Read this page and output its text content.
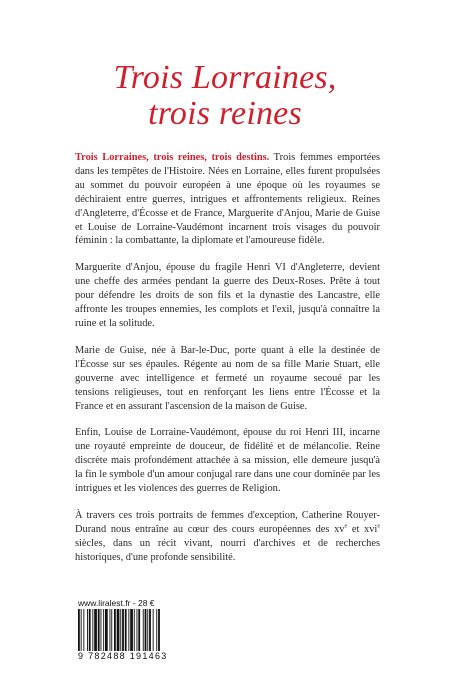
Trois Lorraines,
trois reines

Trois Lorraines, trois reines, trois destins. Trois femmes emportées dans les tempêtes de l'Histoire. Nées en Lorraine, elles furent propulsées au sommet du pouvoir européen à une époque où les royaumes se déchiraient entre guerres, intrigues et affrontements religieux. Reines d'Angleterre, d'Écosse et de France, Marguerite d'Anjou, Marie de Guise et Louise de Lorraine-Vaudémont incarnent trois visages du pouvoir féminin : la combattante, la diplomate et l'amoureuse fidèle.

Marguerite d'Anjou, épouse du fragile Henri VI d'Angleterre, devient une cheffe des armées pendant la guerre des Deux-Roses. Prête à tout pour défendre les droits de son fils et la dynastie des Lancastre, elle affronte les troupes ennemies, les complots et l'exil, jusqu'à connaître la ruine et la solitude.

Marie de Guise, née à Bar-le-Duc, porte quant à elle la destinée de l'Écosse sur ses épaules. Régente au nom de sa fille Marie Stuart, elle gouverne avec intelligence et fermeté un royaume secoué par les tensions religieuses, tout en renforçant les liens entre l'Écosse et la France et en assurant l'ascension de la maison de Guise.

Enfin, Louise de Lorraine-Vaudémont, épouse du roi Henri III, incarne une royauté empreinte de douceur, de fidélité et de mélancolie. Reine discrète mais profondément attachée à sa mission, elle demeure jusqu'à la fin le symbole d'un amour conjugal rare dans une cour dominée par les intrigues et les violences des guerres de Religion.

À travers ces trois portraits de femmes d'exception, Catherine Rouyer-Durand nous entraîne au cœur des cours européennes des $xv^e$ et xvi$^e$ siècles, dans un récit vivant, nourri d'archives et de recherches historiques, d'une profonde sensibilité.

www.liralest.fr - 28 €
9 782488 191463
